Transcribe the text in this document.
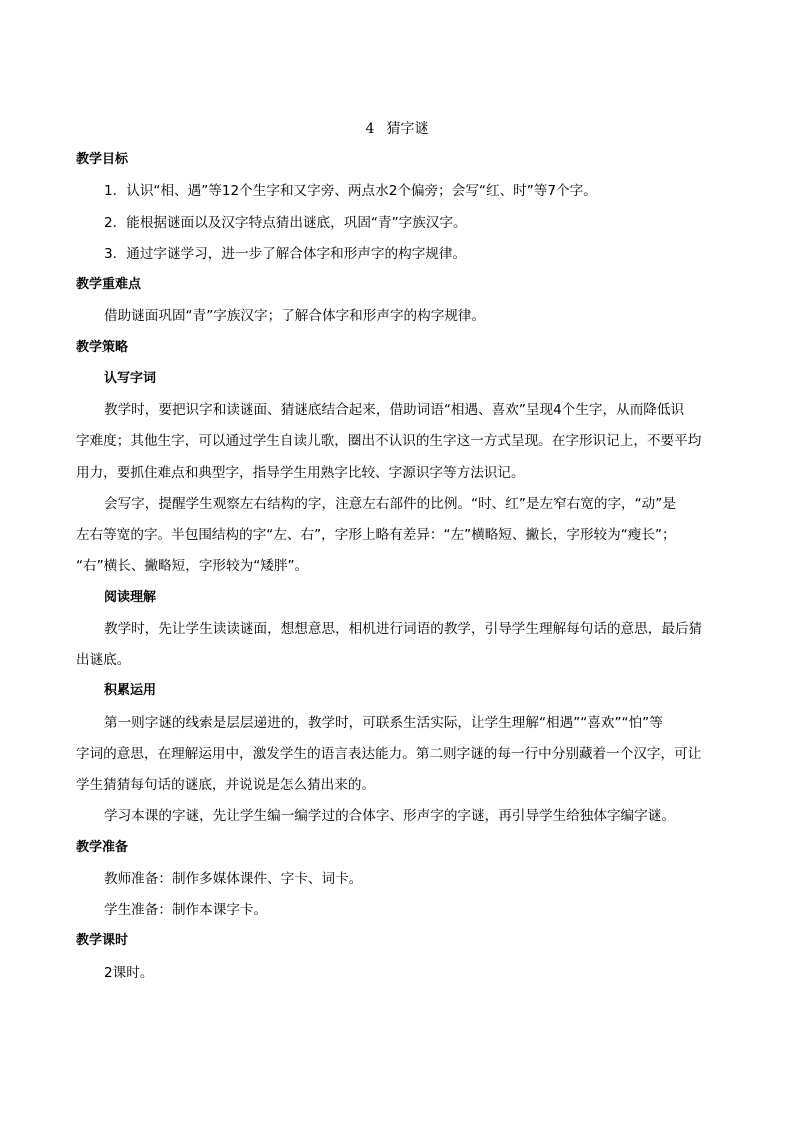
4 猜字谜
教学目标
1．认识“相、遇”等12个生字和又字旁、两点水2个偏旁；会写“红、时”等7个字。
2．能根据谜面以及汉字特点猜出谜底，巩固“青”字族汉字。
3．通过字谜学习，进一步了解合体字和形声字的构字规律。
教学重难点
借助谜面巩固“青”字族汉字；了解合体字和形声字的构字规律。
教学策略
认写字词
教学时，要把识字和读谜面、猜谜底结合起来，借助词语“相遇、喜欢”呈现4个生字，从而降低识
字难度；其他生字，可以通过学生自读儿歌，圈出不认识的生字这一方式呈现。在字形识记上，不要平均
用力，要抓住难点和典型字，指导学生用熟字比较、字源识字等方法识记。
会写字，提醒学生观察左右结构的字，注意左右部件的比例。“时、红”是左窄右宽的字，“动”是
左右等宽的字。半包围结构的字“左、右”，字形上略有差异：“左”横略短、撇长，字形较为“瘦长”；
“右”横长、撇略短，字形较为“矮胖”。
阅读理解
教学时，先让学生读读谜面，想想意思，相机进行词语的教学，引导学生理解每句话的意思，最后猜
出谜底。
积累运用
第一则字谜的线索是层层递进的，教学时，可联系生活实际，让学生理解“相遇”“喜欢”“怕”等
字词的意思，在理解运用中，激发学生的语言表达能力。第二则字谜的每一行中分别藏着一个汉字，可让
学生猜猜每句话的谜底，并说说是怎么猜出来的。
学习本课的字谜，先让学生编一编学过的合体字、形声字的字谜，再引导学生给独体字编字谜。
教学准备
教师准备：制作多媒体课件、字卡、词卡。
学生准备：制作本课字卡。
教学课时
2课时。
